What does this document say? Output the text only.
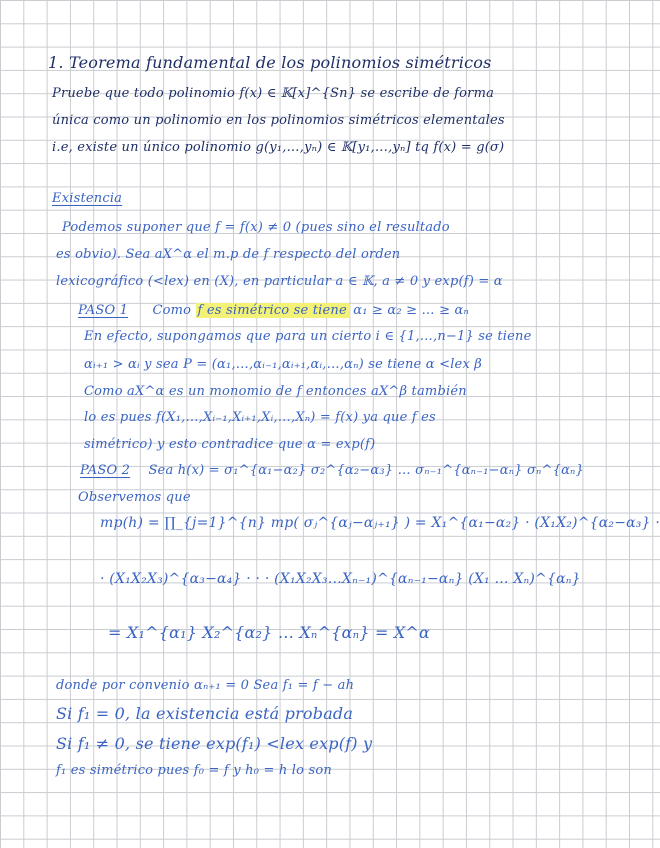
1. Teorema fundamental de los polinomios simétricos
Pruebe que todo polinomio f(x) ∈ 𝕂[x]^{Sn} se escribe de forma
única como un polinomio en los polinomios simétricos elementales
i.e, existe un único polinomio g(y₁,…,yₙ) ∈ 𝕂[y₁,…,yₙ] tq f(x) = g(σ)
Existencia
Podemos suponer que f = f(x) ≠ 0 (pues sino el resultado
es obvio). Sea aX^α el m.p de f respecto del orden
lexicográfico (<lex) en (X), en particular a ∈ 𝕂, a ≠ 0 y exp(f) = α
PASO 1 Como f es simétrico se tiene α₁ ≥ α₂ ≥ … ≥ αₙ
En efecto, supongamos que para un cierto i ∈ {1,…,n−1} se tiene
αᵢ₊₁ > αᵢ y sea P = (α₁,…,αᵢ₋₁,αᵢ₊₁,αᵢ,…,αₙ) se tiene α <lex β
Como aX^α es un monomio de f entonces aX^β también
lo es pues f(X₁,…,Xᵢ₋₁,Xᵢ₊₁,Xᵢ,…,Xₙ) = f(x) ya que f es
simétrico) y esto contradice que α = exp(f)
PASO 2 Sea h(x) = σ₁^{α₁−α₂} σ₂^{α₂−α₃} … σₙ₋₁^{αₙ₋₁−αₙ} σₙ^{αₙ}
Observemos que
mp(h) = ∏_{j=1}^{n} mp( σⱼ^{αⱼ−αⱼ₊₁} ) = X₁^{α₁−α₂} · (X₁X₂)^{α₂−α₃} ·
· (X₁X₂X₃)^{α₃−α₄} · · · (X₁X₂X₃…Xₙ₋₁)^{αₙ₋₁−αₙ} (X₁ … Xₙ)^{αₙ}
= X₁^{α₁} X₂^{α₂} … Xₙ^{αₙ} = X^α
donde por convenio αₙ₊₁ = 0 Sea f₁ = f − ah
Si f₁ = 0, la existencia está probada
Si f₁ ≠ 0, se tiene exp(f₁) <lex exp(f) y
f₁ es simétrico pues f₀ = f y h₀ = h lo son
